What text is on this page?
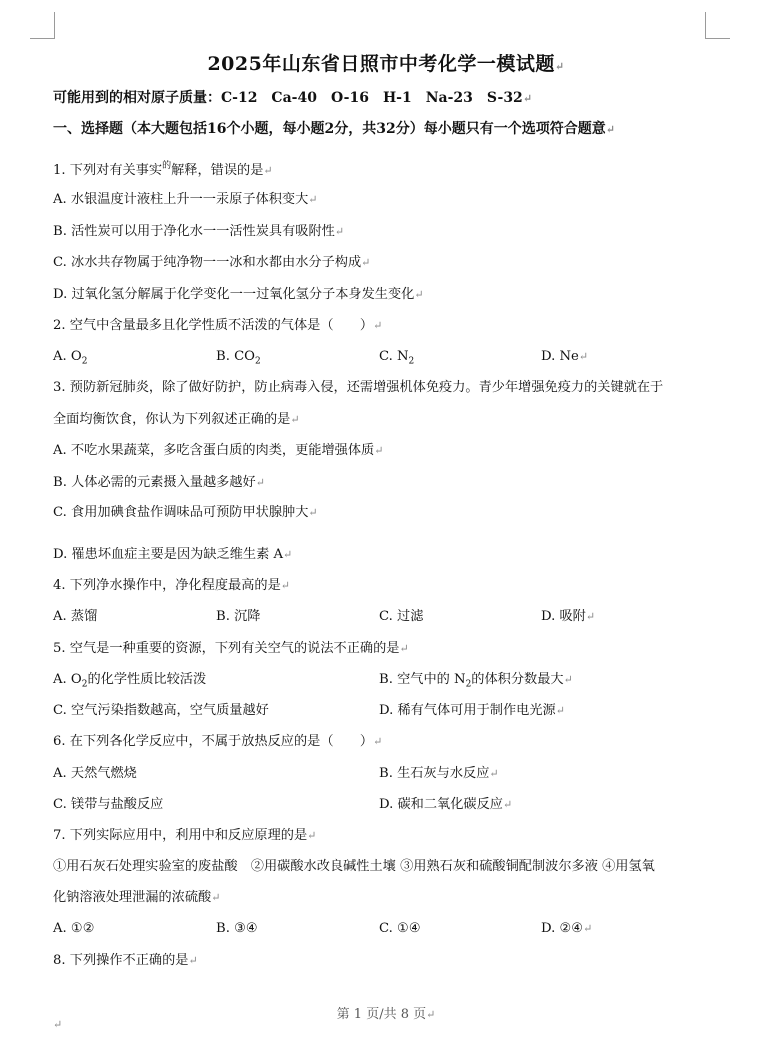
2025年山东省日照市中考化学一模试题↵
可能用到的相对原子质量：C-12　Ca-40　O-16　H-1　Na-23　S-32↵
一、选择题（本大题包括16个小题，每小题2分，共32分）每小题只有一个选项符合题意↵
1. 下列对有关事实$^的$解释，错误的是↵
A. 水银温度计液柱上升一一汞原子体积变大↵
B. 活性炭可以用于净化水一一活性炭具有吸附性↵
C. 冰水共存物属于纯净物一一冰和水都由水分子构成↵
D. 过氧化氢分解属于化学变化一一过氧化氢分子本身发生变化↵
2. 空气中含量最多且化学性质不活泼的气体是（　　）↵
A. $O_2$	B. $CO_2$	C. $N_2$	D. Ne↵
3. 预防新冠肺炎，除了做好防护，防止病毒入侵，还需增强机体免疫力。青少年增强免疫力的关键就在于
全面均衡饮食，你认为下列叙述正确的是↵
A. 不吃水果蔬菜，多吃含蛋白质的肉类，更能增强体质↵
B. 人体必需的元素摄入量越多越好↵
C. 食用加碘食盐作调味品可预防甲状腺肿大↵
D. 罹患坏血症主要是因为缺乏维生素 A↵
4. 下列净水操作中，净化程度最高的是↵
A. 蒸馏	B. 沉降	C. 过滤	D. 吸附↵
5. 空气是一种重要的资源，下列有关空气的说法不正确的是↵
A. $O_2$的化学性质比较活泼	B. 空气中的 $N_2$的体积分数最大↵
C. 空气污染指数越高，空气质量越好	D. 稀有气体可用于制作电光源↵
6. 在下列各化学反应中，不属于放热反应的是（　　）↵
A. 天然气燃烧	B. 生石灰与水反应↵
C. 镁带与盐酸反应	D. 碳和二氧化碳反应↵
7. 下列实际应用中，利用中和反应原理的是↵
①用石灰石处理实验室的废盐酸　②用碳酸水改良碱性土壤 ③用熟石灰和硫酸铜配制波尔多液 ④用氢氧
化钠溶液处理泄漏的浓硫酸↵
A. ①②	B. ③④	C. ①④	D. ②④↵
8. 下列操作不正确的是↵
第 1 页/共 8 页↵
↵
